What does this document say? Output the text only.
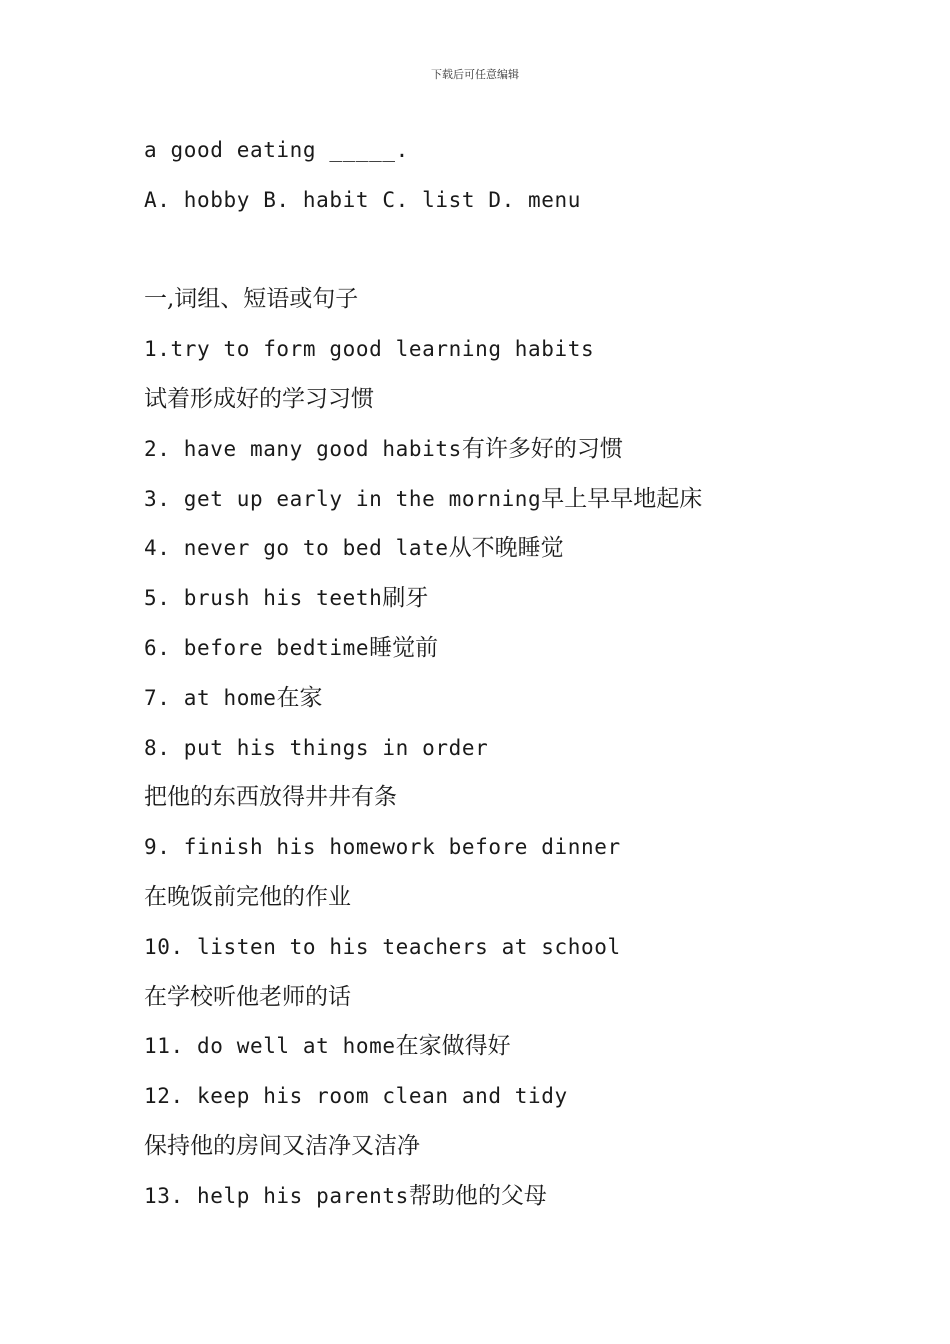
下载后可任意编辑
a good eating _____.
A. hobby B. habit C. list D. menu
一,词组、短语或句子
1.try to form good learning habits
试着形成好的学习习惯
2. have many good habits有许多好的习惯
3. get up early in the morning早上早早地起床
4. never go to bed late从不晚睡觉
5. brush his teeth刷牙
6. before bedtime睡觉前
7. at home在家
8. put his things in order
把他的东西放得井井有条
9. finish his homework before dinner
在晚饭前完他的作业
10. listen to his teachers at school
在学校听他老师的话
11. do well at home在家做得好
12. keep his room clean and tidy
保持他的房间又洁净又洁净
13. help his parents帮助他的父母
